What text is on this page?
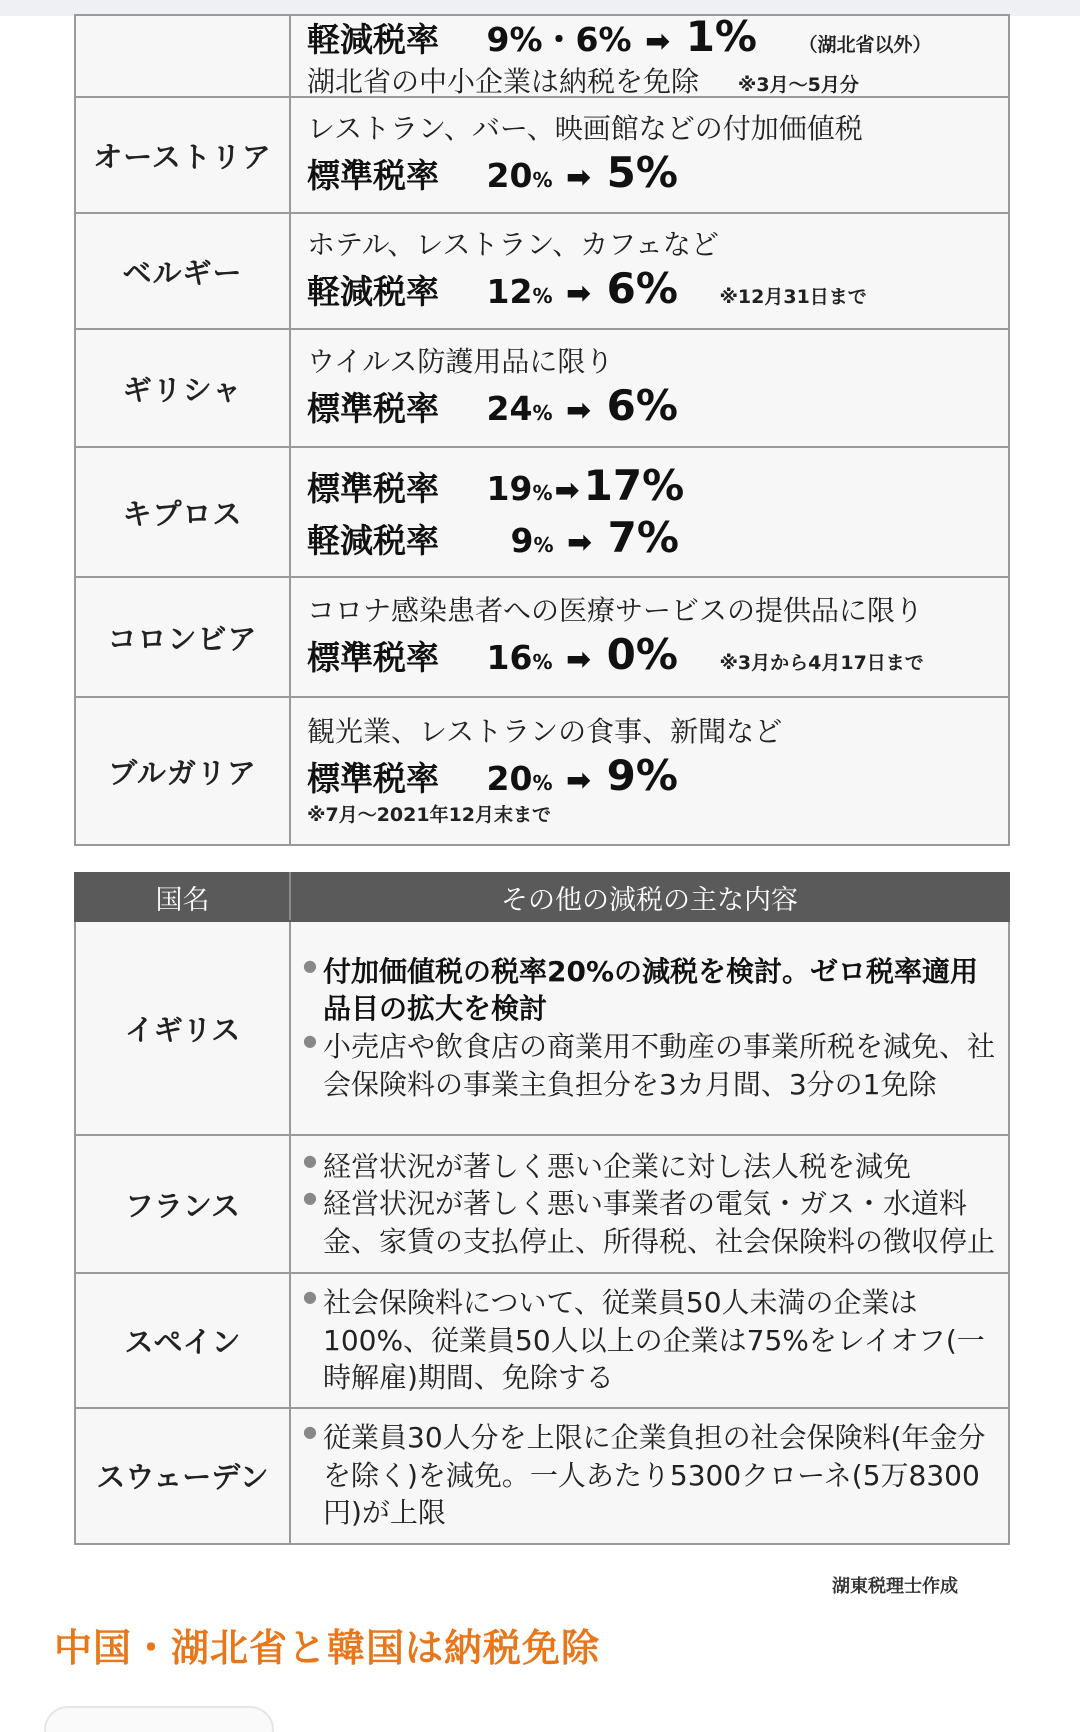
	軽減税率 9%・6% ➡ 1% （湖北省以外）
湖北省の中小企業は納税を免除 ※3月〜5月分

オーストリア	レストラン、バー、映画館などの付加価値税
標準税率 20% ➡ 5%

ベルギー	ホテル、レストラン、カフェなど
軽減税率 12% ➡ 6% ※12月31日まで

ギリシャ	ウイルス防護用品に限り
標準税率 24% ➡ 6%

キプロス	標準税率 19%➡17%
軽減税率 9% ➡ 7%

コロンビア	コロナ感染患者への医療サービスの提供品に限り
標準税率 16% ➡ 0% ※3月から4月17日まで

ブルガリア	観光業、レストランの食事、新聞など
標準税率 20% ➡ 9%
※7月〜2021年12月末まで
国名	その他の減税の主な内容
イギリス	● 付加価値税の税率20%の減税を検討。ゼロ税率適用品目の拡大を検討
● 小売店や飲食店の商業用不動産の事業所税を減免、社会保険料の事業主負担分を3カ月間、3分の1免除

フランス	● 経営状況が著しく悪い企業に対し法人税を減免
● 経営状況が著しく悪い事業者の電気・ガス・水道料金、家賃の支払停止、所得税、社会保険料の徴収停止

スペイン	● 社会保険料について、従業員50人未満の企業は100%、従業員50人以上の企業は75%をレイオフ(一時解雇)期間、免除する

スウェーデン	● 従業員30人分を上限に企業負担の社会保険料(年金分を除く)を減免。一人あたり5300クローネ(5万8300円)が上限
湖東税理士作成
中国・湖北省と韓国は納税免除
